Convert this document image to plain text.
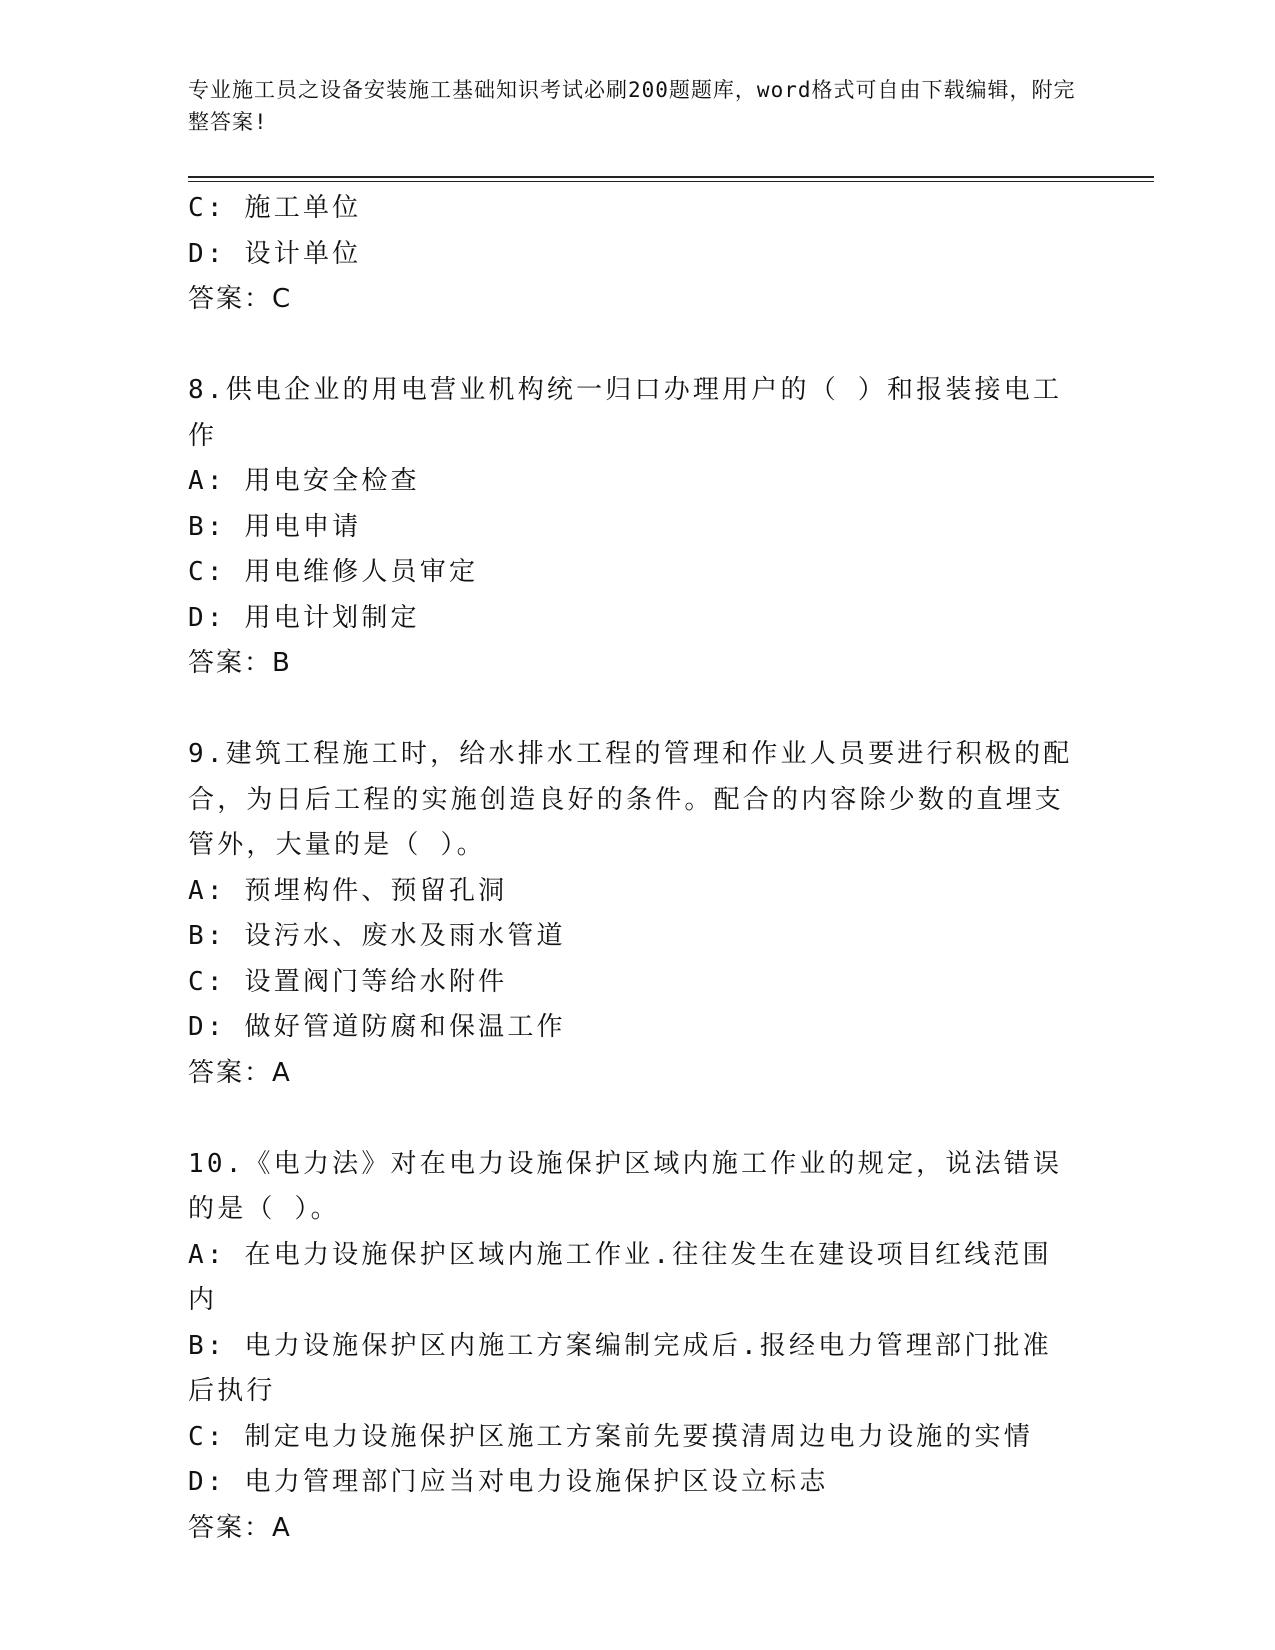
专业施工员之设备安装施工基础知识考试必刷200题题库，word格式可自由下载编辑，附完整答案!
C: 施工单位
D: 设计单位
答案：C
8.供电企业的用电营业机构统一归口办理用户的（ ）和报装接电工作
A: 用电安全检查
B: 用电申请
C: 用电维修人员审定
D: 用电计划制定
答案：B
9.建筑工程施工时，给水排水工程的管理和作业人员要进行积极的配合，为日后工程的实施创造良好的条件。配合的内容除少数的直埋支管外，大量的是（ ）。
A: 预埋构件、预留孔洞
B: 设污水、废水及雨水管道
C: 设置阀门等给水附件
D: 做好管道防腐和保温工作
答案：A
10.《电力法》对在电力设施保护区域内施工作业的规定，说法错误的是（ ）。
A: 在电力设施保护区域内施工作业.往往发生在建设项目红线范围内
B: 电力设施保护区内施工方案编制完成后.报经电力管理部门批准后执行
C: 制定电力设施保护区施工方案前先要摸清周边电力设施的实情
D: 电力管理部门应当对电力设施保护区设立标志
答案：A
